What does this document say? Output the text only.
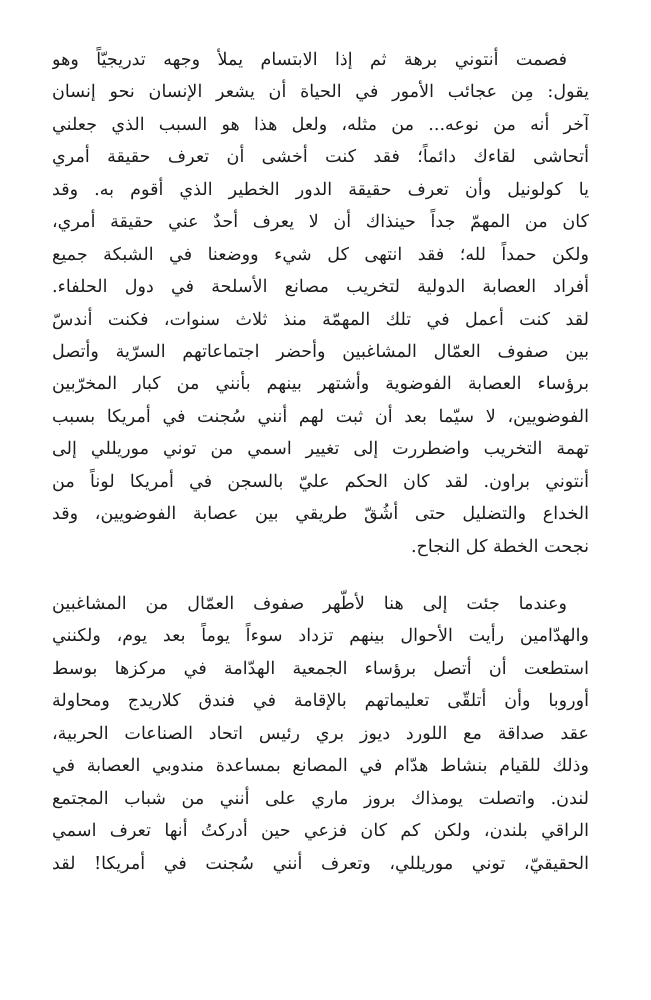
فصمت أنتوني برهة ثم إذا الابتسام يملأ وجهه تدريجيّاً وهو
يقول: مِن عجائب الأمور في الحياة أن يشعر الإنسان نحو إنسان
آخر أنه من نوعه... من مثله، ولعل هذا هو السبب الذي جعلني
أتحاشى لقاءك دائماً؛ فقد كنت أخشى أن تعرف حقيقة أمري
يا كولونيل وأن تعرف حقيقة الدور الخطير الذي أقوم به. وقد
كان من المهمّ جداً حينذاك أن لا يعرف أحدٌ عني حقيقة أمري،
ولكن حمداً لله؛ فقد انتهى كل شيء ووضعنا في الشبكة جميع
أفراد العصابة الدولية لتخريب مصانع الأسلحة في دول الحلفاء.
لقد كنت أعمل في تلك المهمّة منذ ثلاث سنوات، فكنت أندسّ
بين صفوف العمّال المشاغبين وأحضر اجتماعاتهم السرّية وأتصل
برؤساء العصابة الفوضوية وأشتهر بينهم بأنني من كبار المخرّبين
الفوضويين، لا سيّما بعد أن ثبت لهم أنني سُجنت في أمريكا بسبب
تهمة التخريب واضطررت إلى تغيير اسمي من توني موريللي إلى
أنتوني براون. لقد كان الحكم عليّ بالسجن في أمريكا لوناً من
الخداع والتضليل حتى أشُقّ طريقي بين عصابة الفوضويين، وقد
نجحت الخطة كل النجاح.
وعندما جئت إلى هنا لأطّهر صفوف العمّال من المشاغبين
والهدّامين رأيت الأحوال بينهم تزداد سوءاً يوماً بعد يوم، ولكنني
استطعت أن أتصل برؤساء الجمعية الهدّامة في مركزها بوسط
أوروبا وأن أتلقّى تعليماتهم بالإقامة في فندق كلاريدج ومحاولة
عقد صداقة مع اللورد ديوز بري رئيس اتحاد الصناعات الحربية،
وذلك للقيام بنشاط هدّام في المصانع بمساعدة مندوبي العصابة في
لندن. واتصلت يومذاك بروز ماري على أنني من شباب المجتمع
الراقي بلندن، ولكن كم كان فزعي حين أدركتُ أنها تعرف اسمي
الحقيقيّ، توني موريللي، وتعرف أنني سُجنت في أمريكا! لقد
